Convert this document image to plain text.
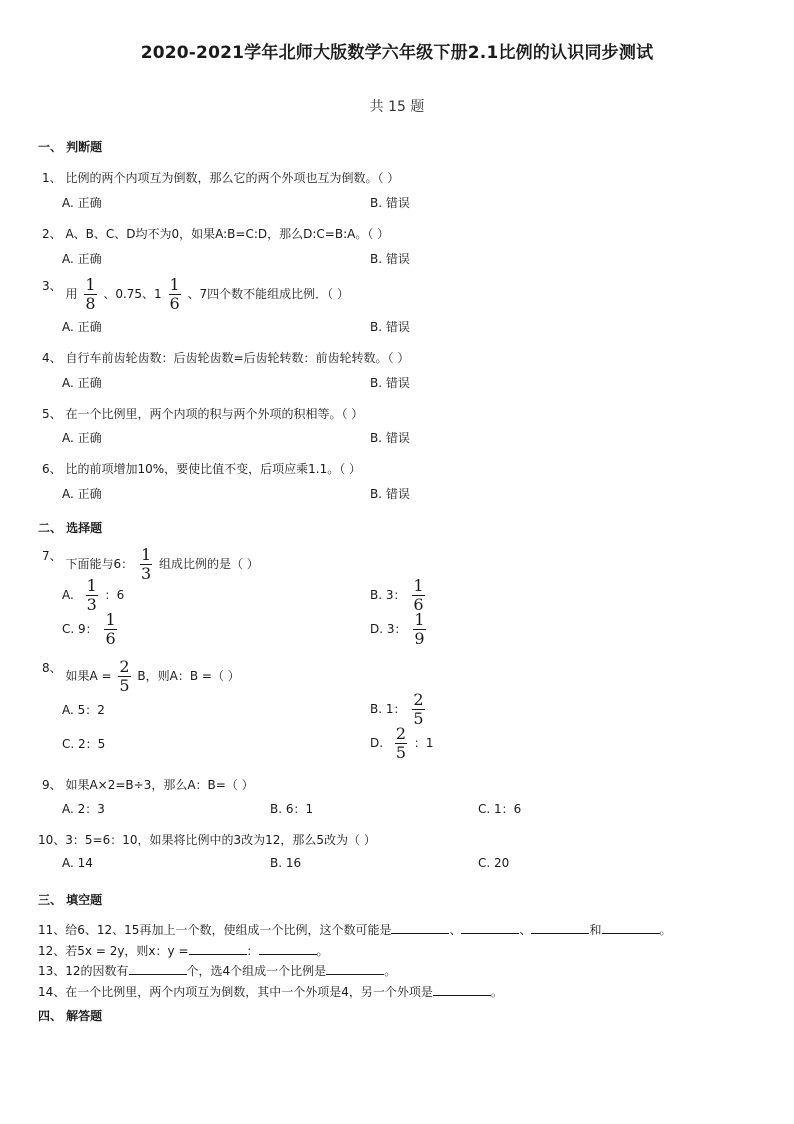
2020-2021学年北师大版数学六年级下册2.1比例的认识同步测试
共 15 题
一、 判断题
1、 比例的两个内项互为倒数，那么它的两个外项也互为倒数。（ ）
A. 正确	B. 错误
2、 A、B、C、D均不为0，如果A:B=C:D，那么D:C=B:A。（ ）
A. 正确	B. 错误
3、 用 $\frac{1}{8}$ 、0.75、$1 \frac{1}{6}$ 、7四个数不能组成比例．（ ）
A. 正确	B. 错误
4、 自行车前齿轮齿数：后齿轮齿数=后齿轮转数：前齿轮转数。（ ）
A. 正确	B. 错误
5、 在一个比例里，两个内项的积与两个外项的积相等。（ ）
A. 正确	B. 错误
6、 比的前项增加10%，要使比值不变，后项应乘1.1。（ ）
A. 正确	B. 错误
二、 选择题
7、 下面能与6： $\frac{1}{3}$ 组成比例的是（ ）
A. $\frac{1}{3}$ ：6	B. 3： $\frac{1}{6}$
C. 9： $\frac{1}{6}$	D. 3： $\frac{1}{9}$
8、 如果$A = \frac{2}{5}$ B，则A：B =（ ）
A. 5：2	B. 1： $\frac{2}{5}$
C. 2：5	D. $\frac{2}{5}$ ：1
9、 如果A×2=B÷3，那么A：B=（ ）
A. 2：3	B. 6：1	C. 1：6
10、3：5=6：10，如果将比例中的3改为12，那么5改为（ ）
A. 14	B. 16	C. 20
三、 填空题
11、给6、12、15再加上一个数，使组成一个比例，这个数可能是	、	、	和	。
12、若5x = 2y，则x：y =	：	。
13、12的因数有	个，选4个组成一个比例是	。
14、在一个比例里，两个内项互为倒数，其中一个外项是4，另一个外项是	。
四、 解答题
